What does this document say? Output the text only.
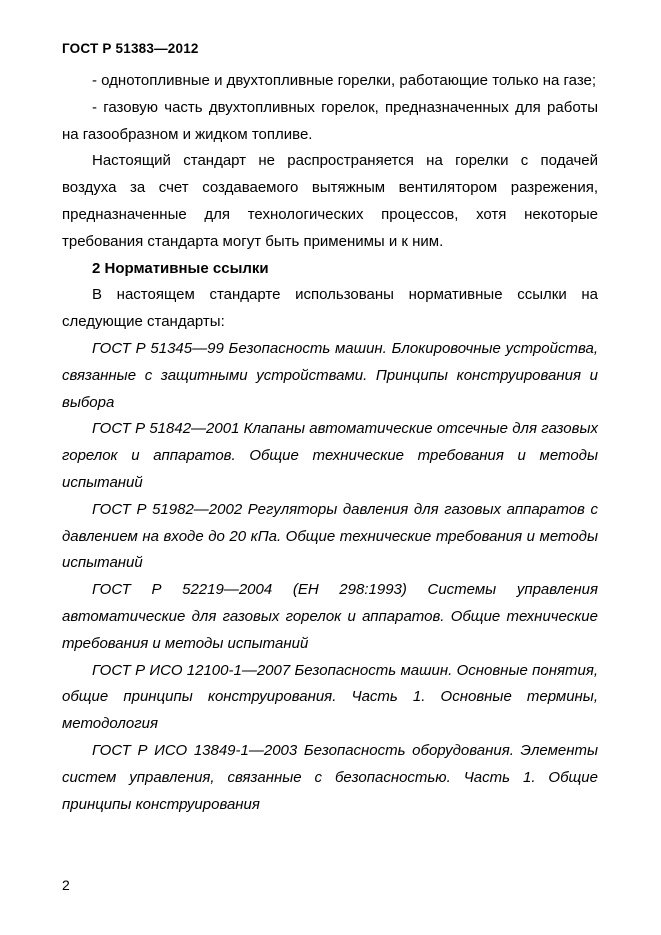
ГОСТ Р 51383—2012

- однотопливные и двухтопливные горелки, работающие только на газе;

- газовую часть двухтопливных горелок, предназначенных для работы на газообразном и жидком топливе.

Настоящий стандарт не распространяется на горелки с подачей воздуха за счет создаваемого вытяжным вентилятором разрежения, предназначенные для технологических процессов, хотя некоторые требования стандарта могут быть применимы и к ним.

2 Нормативные ссылки

В настоящем стандарте использованы нормативные ссылки на следующие стандарты:

ГОСТ Р 51345—99 Безопасность машин. Блокировочные устройства, связанные с защитными устройствами. Принципы конструирования и выбора

ГОСТ Р 51842—2001 Клапаны автоматические отсечные для газовых горелок и аппаратов. Общие технические требования и методы испытаний

ГОСТ Р 51982—2002 Регуляторы давления для газовых аппаратов с давлением на входе до 20 кПа. Общие технические требования и методы испытаний

ГОСТ Р 52219—2004 (ЕН 298:1993) Системы управления автоматические для газовых горелок и аппаратов. Общие технические требования и методы испытаний

ГОСТ Р ИСО 12100-1—2007 Безопасность машин. Основные понятия, общие принципы конструирования. Часть 1. Основные термины, методология

ГОСТ Р ИСО 13849-1—2003 Безопасность оборудования. Элементы систем управления, связанные с безопасностью. Часть 1. Общие принципы конструирования

2
